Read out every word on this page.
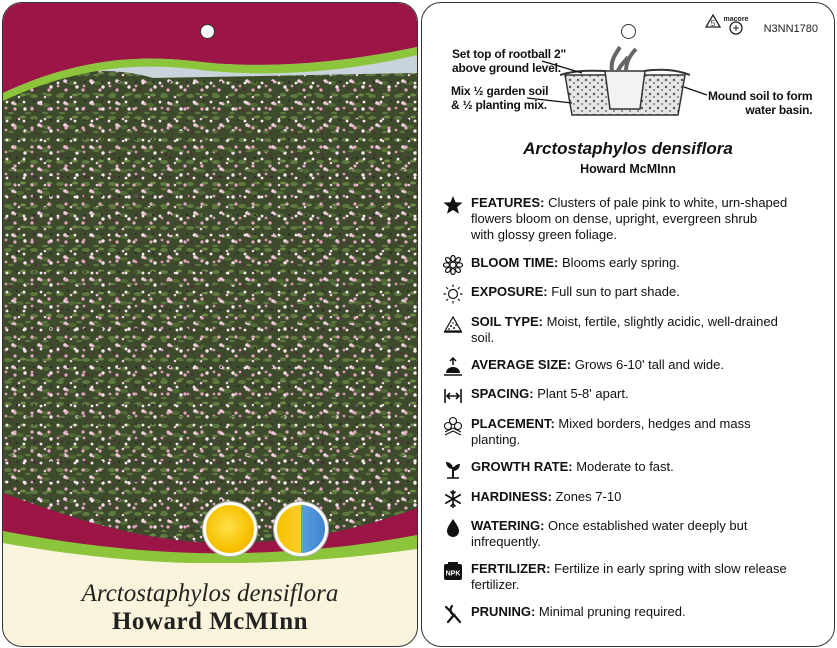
Arctostaphylos densiflora
Howard McMInn
5 macore
N3NN1780
Set top of rootball 2"
above ground level.
Mix ½ garden soil
& ½ planting mix.
Mound soil to form
water basin.
Arctostaphylos densiflora
Howard McMInn
FEATURES: Clusters of pale pink to white, urn-shaped
flowers bloom on dense, upright, evergreen shrub
with glossy green foliage.
BLOOM TIME: Blooms early spring.
EXPOSURE: Full sun to part shade.
SOIL TYPE: Moist, fertile, slightly acidic, well-drained
soil.
AVERAGE SIZE: Grows 6-10' tall and wide.
SPACING: Plant 5-8' apart.
PLACEMENT: Mixed borders, hedges and mass
planting.
GROWTH RATE: Moderate to fast.
HARDINESS: Zones 7-10
WATERING: Once established water deeply but
infrequently.
NPK FERTILIZER: Fertilize in early spring with slow release
fertilizer.
PRUNING: Minimal pruning required.
